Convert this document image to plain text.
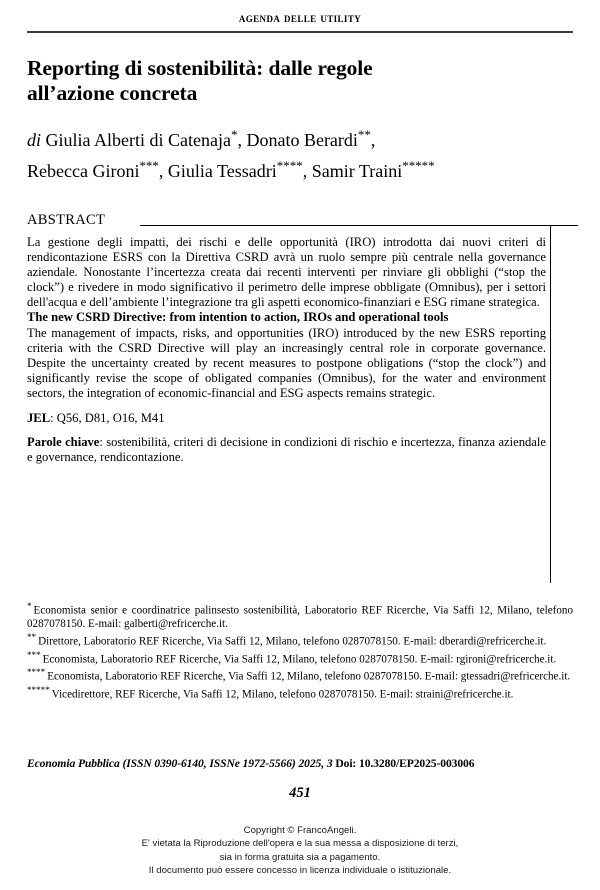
agenda delle utility
Reporting di sostenibilità: dalle regole
all’azione concreta
di Giulia Alberti di Catenaja*, Donato Berardi**,
Rebecca Gironi***, Giulia Tessadri****, Samir Traini*****
ABSTRACT

La gestione degli impatti, dei rischi e delle opportunità (IRO) introdotta dai nuovi criteri di rendicontazione ESRS con la Direttiva CSRD avrà un ruolo sempre più centrale nella governance aziendale. Nonostante l’incertezza creata dai recenti interventi per rinviare gli obblighi (“stop the clock”) e rivedere in modo significativo il perimetro delle imprese obbligate (Omnibus), per i settori dell'acqua e dell’ambiente l’integrazione tra gli aspetti economico-finanziari e ESG rimane strategica.

The new CSRD Directive: from intention to action, IROs and operational tools

The management of impacts, risks, and opportunities (IRO) introduced by the new ESRS reporting criteria with the CSRD Directive will play an increasingly central role in corporate governance. Despite the uncertainty created by recent measures to postpone obligations (“stop the clock”) and significantly revise the scope of obligated companies (Omnibus), for the water and environment sectors, the integration of economic-financial and ESG aspects remains strategic.

JEL: Q56, D81, O16, M41

Parole chiave: sostenibilità, criteri di decisione in condizioni di rischio e incertezza, finanza aziendale e governance, rendicontazione.

* Economista senior e coordinatrice palinsesto sostenibilità, Laboratorio REF Ricerche, Via Saffi 12, Milano, telefono 0287078150. E-mail: galberti@refricerche.it.

** Direttore, Laboratorio REF Ricerche, Via Saffi 12, Milano, telefono 0287078150. E-mail: dberardi@refricerche.it.

*** Economista, Laboratorio REF Ricerche, Via Saffi 12, Milano, telefono 0287078150. E-mail: rgironi@refricerche.it.

**** Economista, Laboratorio REF Ricerche, Via Saffi 12, Milano, telefono 0287078150. E-mail: gtessadri@refricerche.it.

***** Vicedirettore, REF Ricerche, Via Saffi 12, Milano, telefono 0287078150. E-mail: straini@refricerche.it.

Economia Pubblica (ISSN 0390-6140, ISSNe 1972-5566) 2025, 3 Doi: 10.3280/EP2025-003006
451
Copyright © FrancoAngeli.
E' vietata la Riproduzione dell'opera e la sua messa a disposizione di terzi,
sia in forma gratuita sia a pagamento.
Il documento può essere concesso in licenza individuale o istituzionale.
